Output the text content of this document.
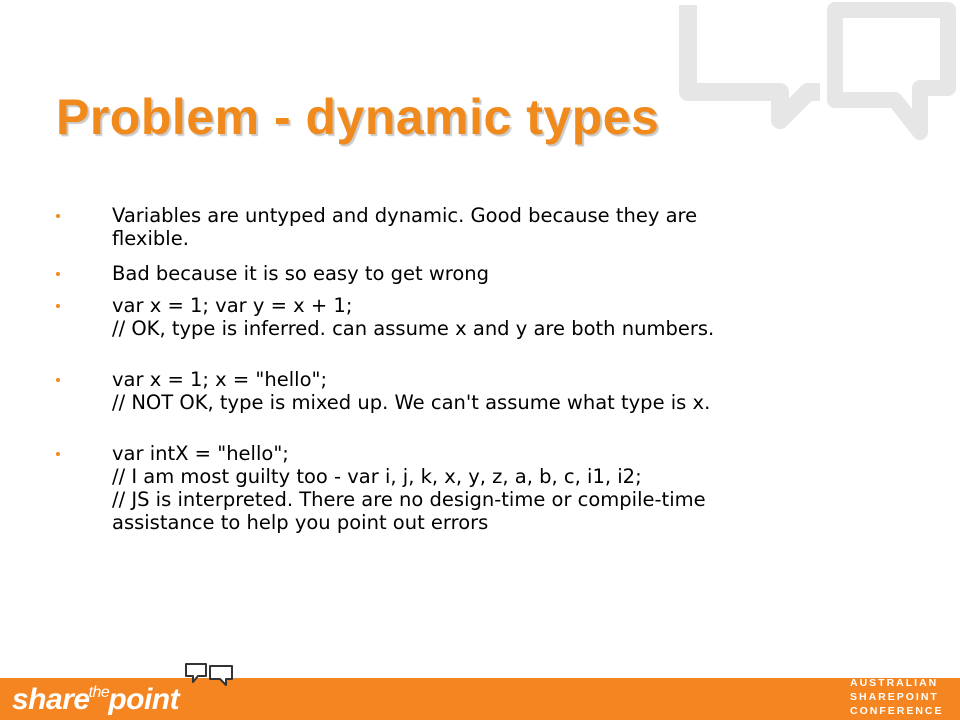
Problem - dynamic types
Variables are untyped and dynamic. Good because they are
flexible.
Bad because it is so easy to get wrong
var x = 1; var y = x + 1;
// OK, type is inferred. can assume x and y are both numbers.
var x = 1; x = "hello";
// NOT OK, type is mixed up. We can't assume what type is x.
var intX = "hello";
// I am most guilty too - var i, j, k, x, y, z, a, b, c, i1, i2;
// JS is interpreted. There are no design-time or compile-time
assistance to help you point out errors
share$^{the}$point	AUSTRALIAN
SHAREPOINT
CONFERENCE
